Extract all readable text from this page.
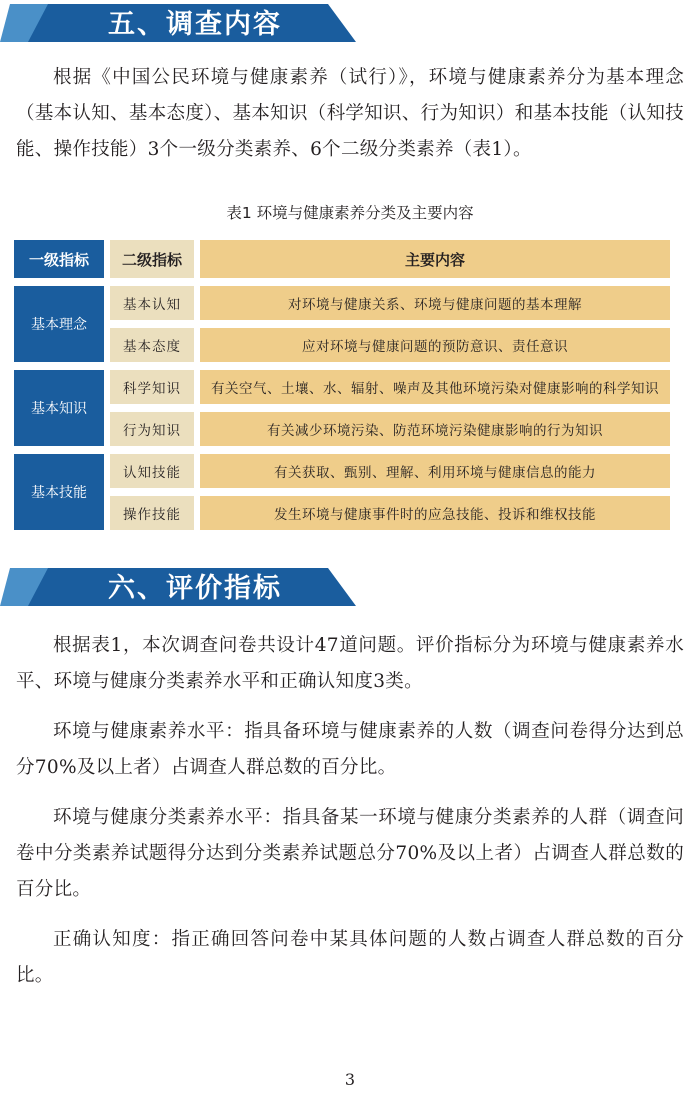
五、调查内容

根据《中国公民环境与健康素养（试行）》，环境与健康素养分为基本理念（基本认知、基本态度）、基本知识（科学知识、行为知识）和基本技能（认知技能、操作技能）3个一级分类素养、6个二级分类素养（表1）。

表1 环境与健康素养分类及主要内容
一级指标	二级指标	主要内容
基本理念	基本认知	对环境与健康关系、环境与健康问题的基本理解
	基本态度	应对环境与健康问题的预防意识、责任意识
基本知识	科学知识	有关空气、土壤、水、辐射、噪声及其他环境污染对健康影响的科学知识
	行为知识	有关减少环境污染、防范环境污染健康影响的行为知识
基本技能	认知技能	有关获取、甄别、理解、利用环境与健康信息的能力
	操作技能	发生环境与健康事件时的应急技能、投诉和维权技能
六、评价指标

根据表1，本次调查问卷共设计47道问题。评价指标分为环境与健康素养水平、环境与健康分类素养水平和正确认知度3类。

环境与健康素养水平：指具备环境与健康素养的人数（调查问卷得分达到总分70%及以上者）占调查人群总数的百分比。

环境与健康分类素养水平：指具备某一环境与健康分类素养的人群（调查问卷中分类素养试题得分达到分类素养试题总分70%及以上者）占调查人群总数的百分比。

正确认知度：指正确回答问卷中某具体问题的人数占调查人群总数的百分比。

3
